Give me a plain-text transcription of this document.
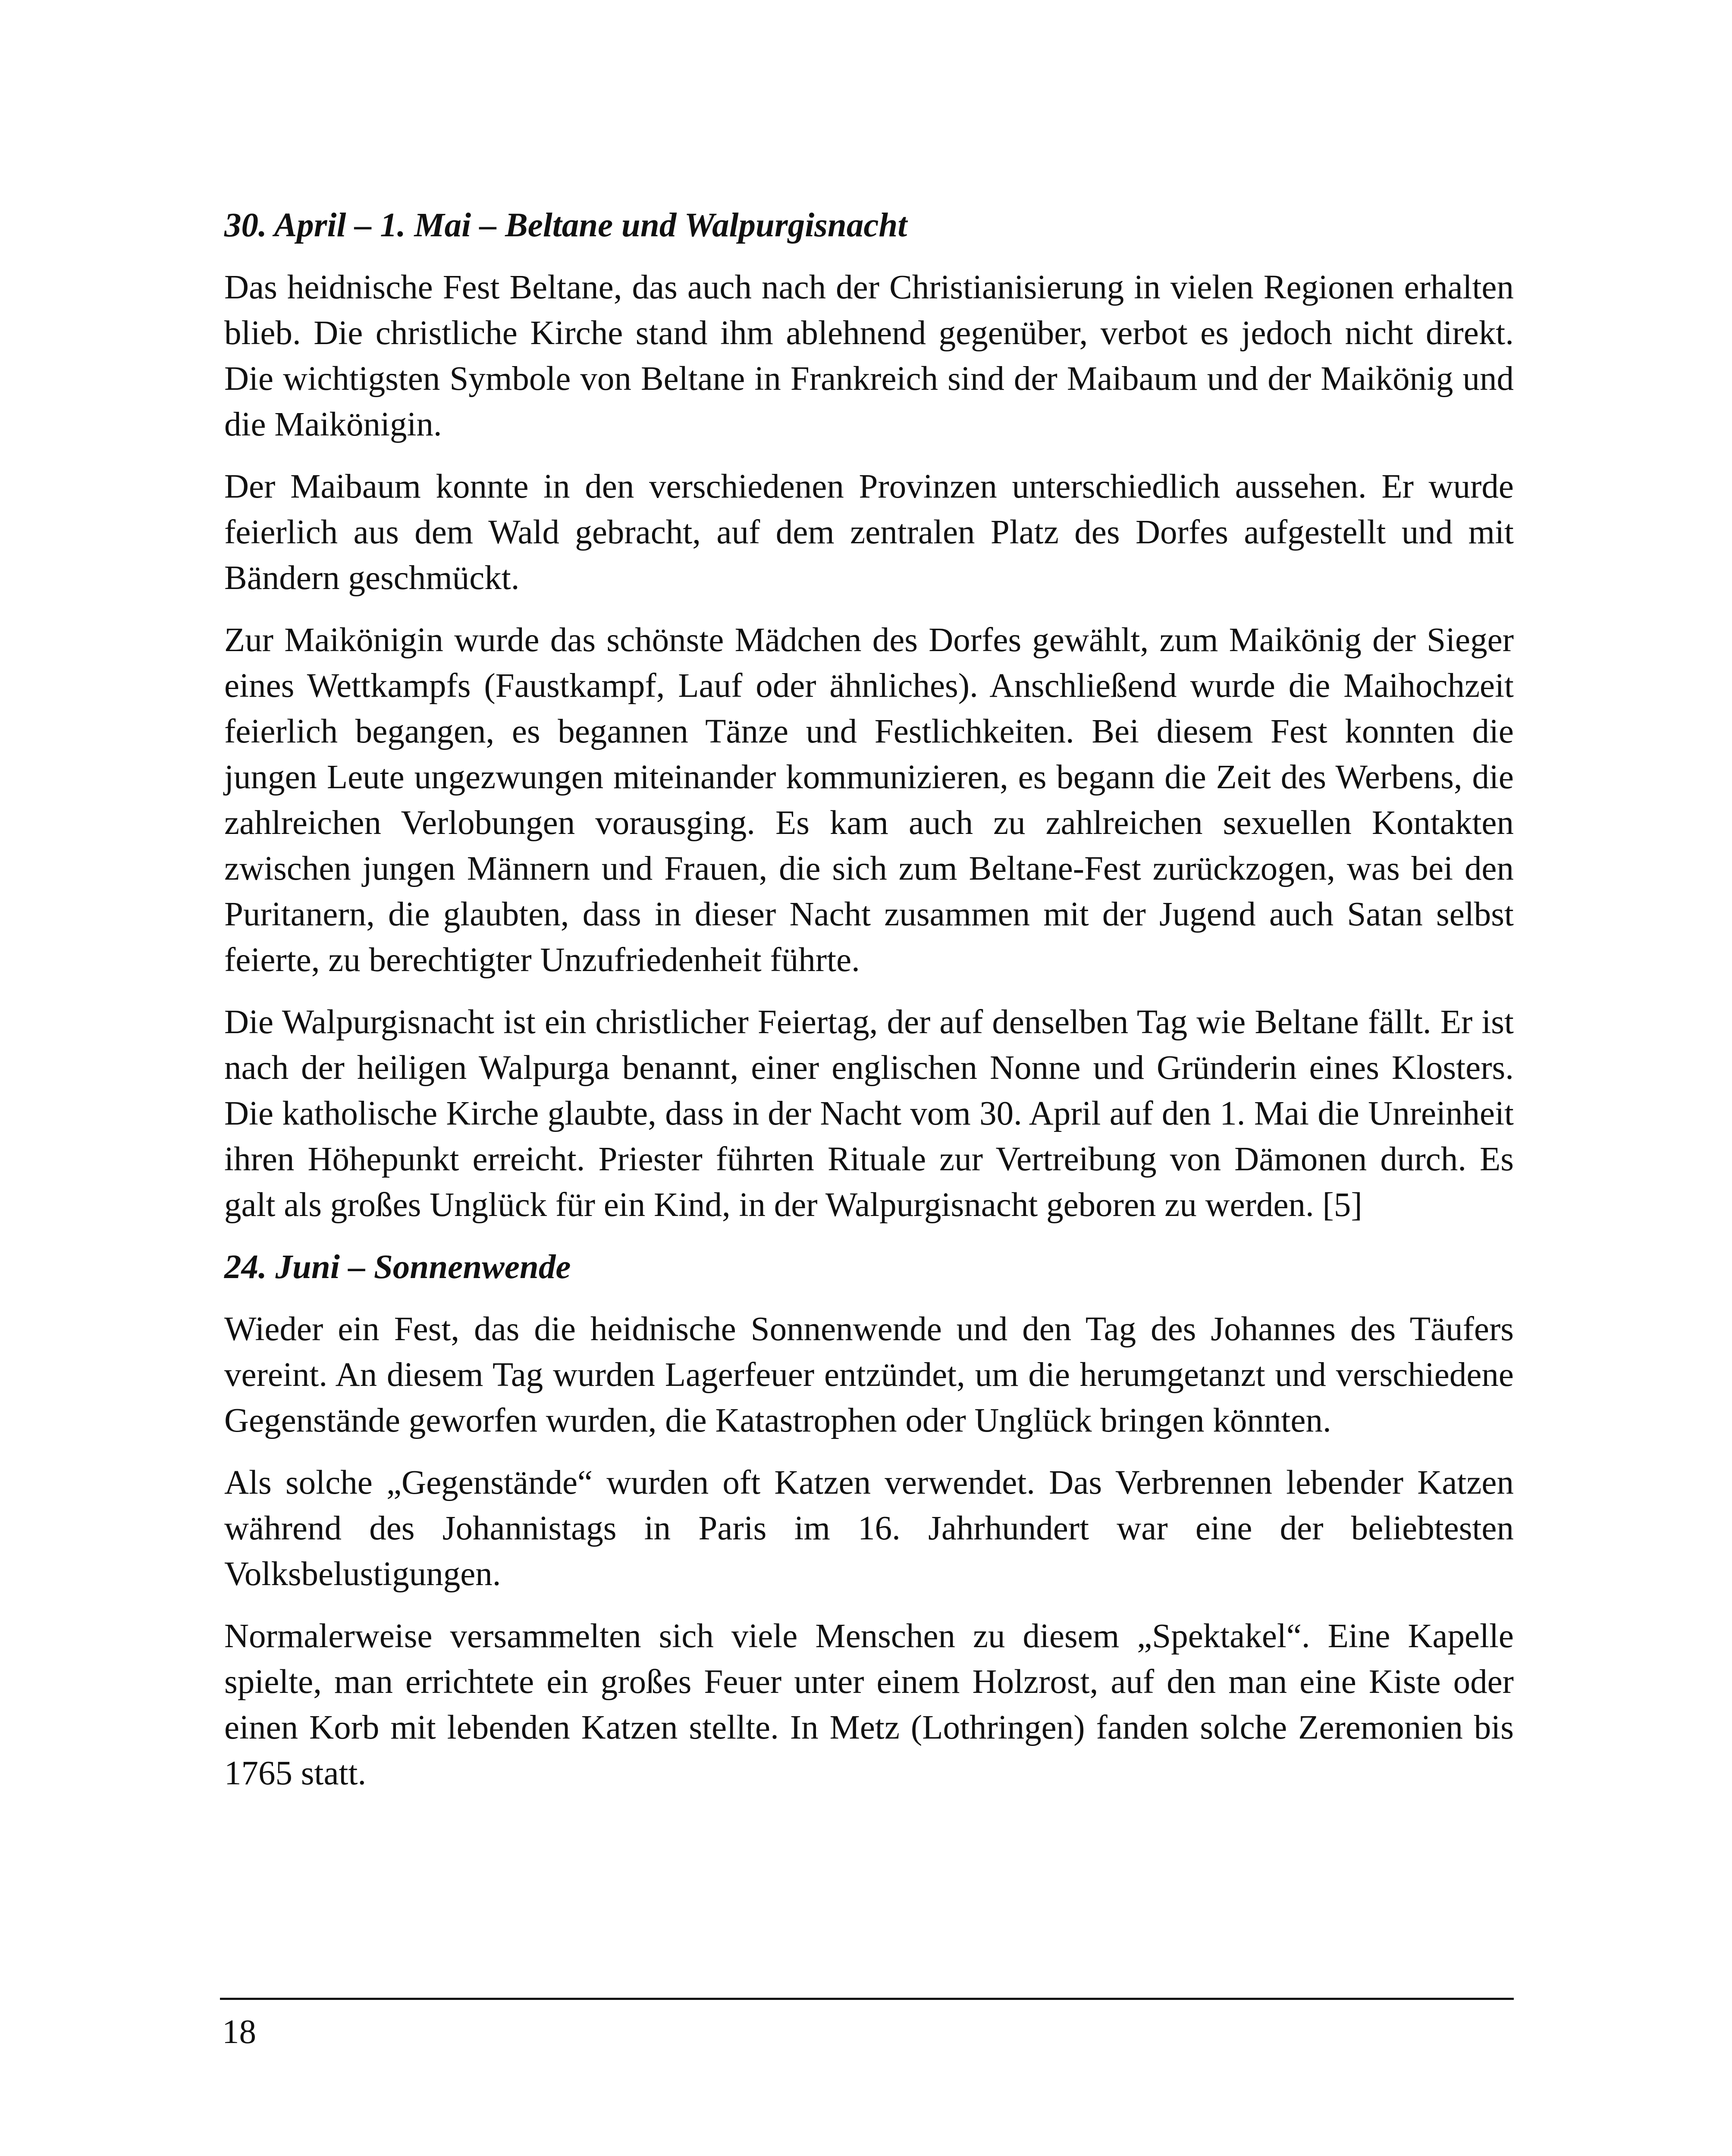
30. April – 1. Mai – Beltane und Walpurgisnacht

Das heidnische Fest Beltane, das auch nach der Christianisierung in vielen Regionen erhalten blieb. Die christliche Kirche stand ihm ablehnend gegenüber, verbot es jedoch nicht direkt. Die wichtigsten Symbole von Beltane in Frankreich sind der Maibaum und der Maikönig und die Maikönigin.

Der Maibaum konnte in den verschiedenen Provinzen unterschiedlich aussehen. Er wurde feierlich aus dem Wald gebracht, auf dem zentralen Platz des Dorfes aufgestellt und mit Bändern geschmückt.

Zur Maikönigin wurde das schönste Mädchen des Dorfes gewählt, zum Maikönig der Sieger eines Wettkampfs (Faustkampf, Lauf oder ähnliches). Anschließend wurde die Maihochzeit feierlich begangen, es begannen Tänze und Festlichkeiten. Bei diesem Fest konnten die jungen Leute ungezwungen miteinander kommunizieren, es begann die Zeit des Werbens, die zahlreichen Verlobungen vorausging. Es kam auch zu zahlreichen sexuellen Kontakten zwischen jungen Männern und Frauen, die sich zum Beltane-Fest zurückzogen, was bei den Puritanern, die glaubten, dass in dieser Nacht zusammen mit der Jugend auch Satan selbst feierte, zu berechtigter Unzufriedenheit führte.

Die Walpurgisnacht ist ein christlicher Feiertag, der auf denselben Tag wie Beltane fällt. Er ist nach der heiligen Walpurga benannt, einer englischen Nonne und Gründerin eines Klosters. Die katholische Kirche glaubte, dass in der Nacht vom 30. April auf den 1. Mai die Unreinheit ihren Höhepunkt erreicht. Priester führten Rituale zur Vertreibung von Dämonen durch. Es galt als großes Unglück für ein Kind, in der Walpurgisnacht geboren zu werden. [5]

24. Juni – Sonnenwende

Wieder ein Fest, das die heidnische Sonnenwende und den Tag des Johannes des Täufers vereint. An diesem Tag wurden Lagerfeuer entzündet, um die herumgetanzt und verschiedene Gegenstände geworfen wurden, die Katastrophen oder Unglück bringen könnten.

Als solche „Gegenstände“ wurden oft Katzen verwendet. Das Verbrennen lebender Katzen während des Johannistags in Paris im 16. Jahrhundert war eine der beliebtesten Volksbelustigungen.

Normalerweise versammelten sich viele Menschen zu diesem „Spektakel“. Eine Kapelle spielte, man errichtete ein großes Feuer unter einem Holzrost, auf den man eine Kiste oder einen Korb mit lebenden Katzen stellte. In Metz (Lothringen) fanden solche Zeremonien bis 1765 statt.

18
